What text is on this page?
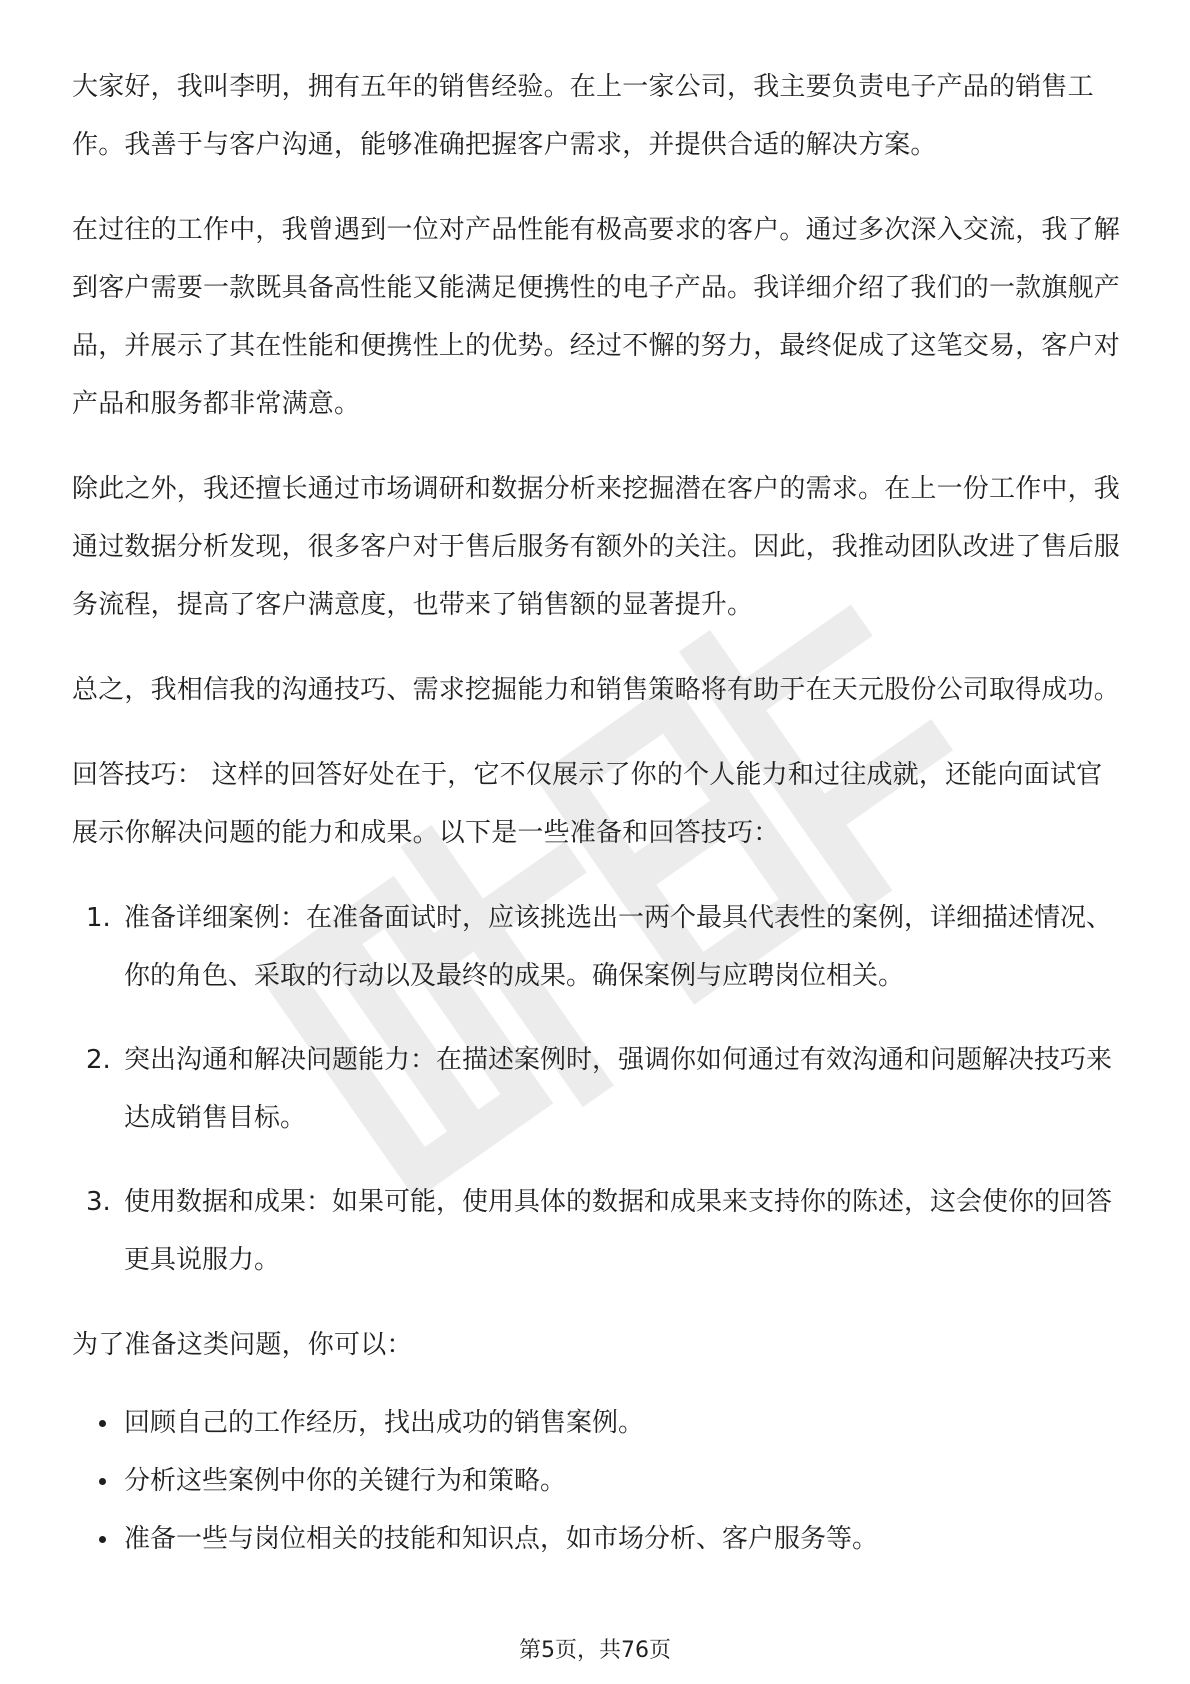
大家好，我叫李明，拥有五年的销售经验。在上一家公司，我主要负责电子产品的销售工作。我善于与客户沟通，能够准确把握客户需求，并提供合适的解决方案。

在过往的工作中，我曾遇到一位对产品性能有极高要求的客户。通过多次深入交流，我了解到客户需要一款既具备高性能又能满足便携性的电子产品。我详细介绍了我们的一款旗舰产品，并展示了其在性能和便携性上的优势。经过不懈的努力，最终促成了这笔交易，客户对产品和服务都非常满意。

除此之外，我还擅长通过市场调研和数据分析来挖掘潜在客户的需求。在上一份工作中，我通过数据分析发现，很多客户对于售后服务有额外的关注。因此，我推动团队改进了售后服务流程，提高了客户满意度，也带来了销售额的显著提升。

总之，我相信我的沟通技巧、需求挖掘能力和销售策略将有助于在天元股份公司取得成功。

回答技巧： 这样的回答好处在于，它不仅展示了你的个人能力和过往成就，还能向面试官展示你解决问题的能力和成果。以下是一些准备和回答技巧：

1. 准备详细案例：在准备面试时，应该挑选出一两个最具代表性的案例，详细描述情况、你的角色、采取的行动以及最终的成果。确保案例与应聘岗位相关。
2. 突出沟通和解决问题能力：在描述案例时，强调你如何通过有效沟通和问题解决技巧来达成销售目标。
3. 使用数据和成果：如果可能，使用具体的数据和成果来支持你的陈述，这会使你的回答更具说服力。

为了准备这类问题，你可以：

回顾自己的工作经历，找出成功的销售案例。
分析这些案例中你的关键行为和策略。
准备一些与岗位相关的技能和知识点，如市场分析、客户服务等。
第5页，共76页
